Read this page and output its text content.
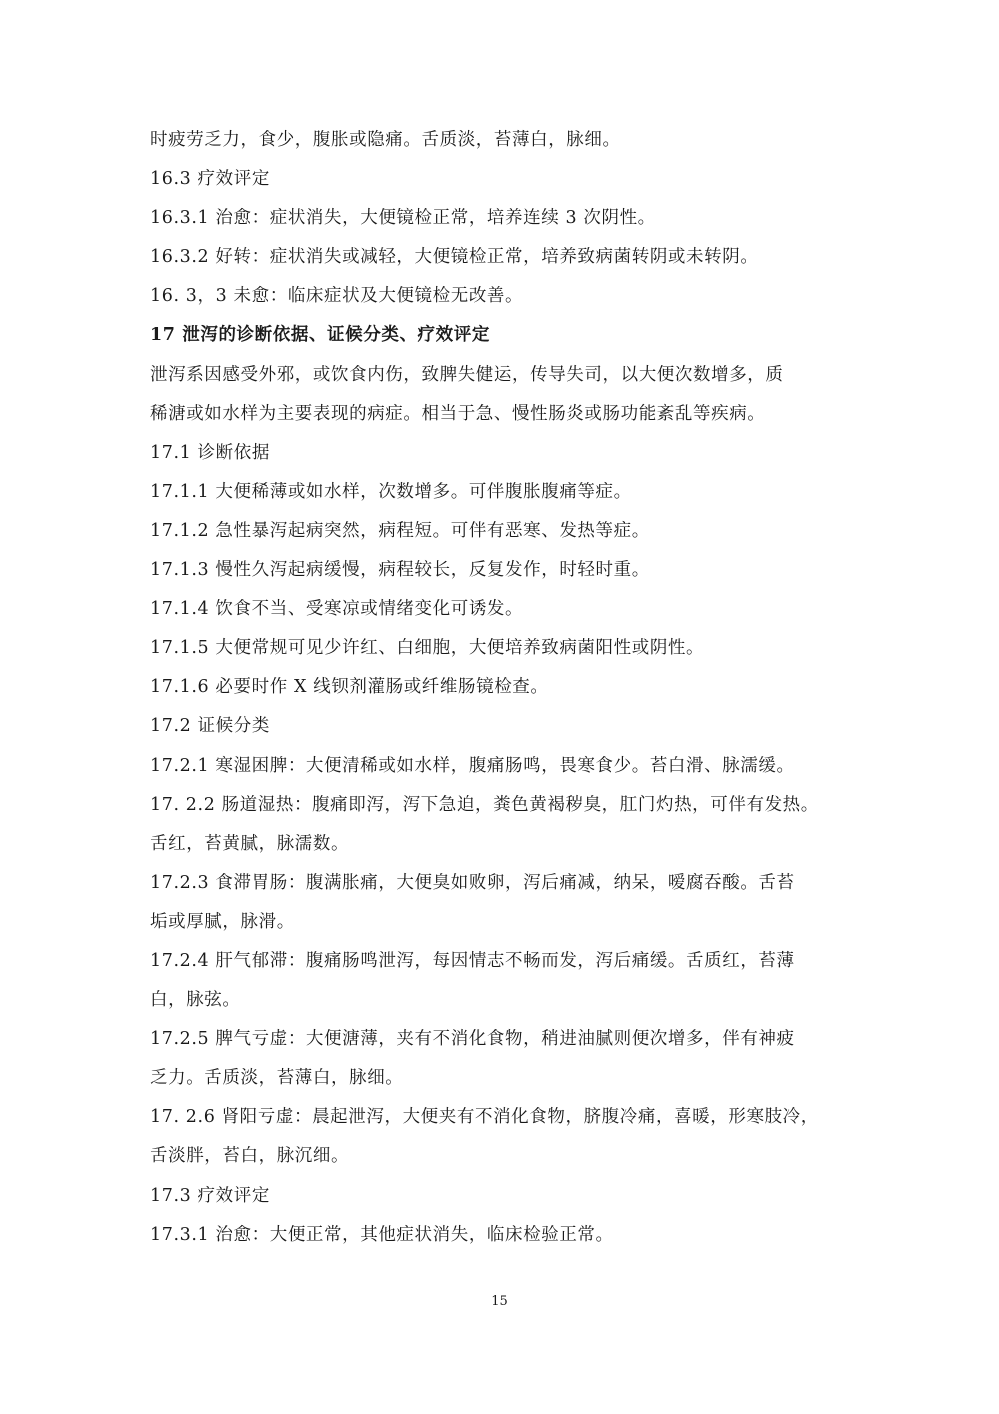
时疲劳乏力，食少，腹胀或隐痛。舌质淡，苔薄白，脉细。
16.3 疗效评定
16.3.1 治愈：症状消失，大便镜检正常，培养连续 3 次阴性。
16.3.2 好转：症状消失或减轻，大便镜检正常，培养致病菌转阴或未转阴。
16. 3，3 未愈：临床症状及大便镜检无改善。
17 泄泻的诊断依据、证候分类、疗效评定
泄泻系因感受外邪，或饮食内伤，致脾失健运，传导失司，以大便次数增多，质
稀溏或如水样为主要表现的病症。相当于急、慢性肠炎或肠功能紊乱等疾病。
17.1 诊断依据
17.1.1 大便稀薄或如水样，次数增多。可伴腹胀腹痛等症。
17.1.2 急性暴泻起病突然，病程短。可伴有恶寒、发热等症。
17.1.3 慢性久泻起病缓慢，病程较长，反复发作，时轻时重。
17.1.4 饮食不当、受寒凉或情绪变化可诱发。
17.1.5 大便常规可见少许红、白细胞，大便培养致病菌阳性或阴性。
17.1.6 必要时作 X 线钡剂灌肠或纤维肠镜检查。
17.2 证候分类
17.2.1 寒湿困脾：大便清稀或如水样，腹痛肠鸣，畏寒食少。苔白滑、脉濡缓。
17. 2.2 肠道湿热：腹痛即泻，泻下急迫，粪色黄褐秽臭，肛门灼热，可伴有发热。
舌红，苔黄腻，脉濡数。
17.2.3 食滞胃肠：腹满胀痛，大便臭如败卵，泻后痛减，纳呆，嗳腐吞酸。舌苔
垢或厚腻，脉滑。
17.2.4 肝气郁滞：腹痛肠鸣泄泻，每因情志不畅而发，泻后痛缓。舌质红，苔薄
白，脉弦。
17.2.5 脾气亏虚：大便溏薄，夹有不消化食物，稍进油腻则便次增多，伴有神疲
乏力。舌质淡，苔薄白，脉细。
17. 2.6 肾阳亏虚：晨起泄泻，大便夹有不消化食物，脐腹冷痛，喜暖，形寒肢冷，
舌淡胖，苔白，脉沉细。
17.3 疗效评定
17.3.1 治愈：大便正常，其他症状消失，临床检验正常。
15
